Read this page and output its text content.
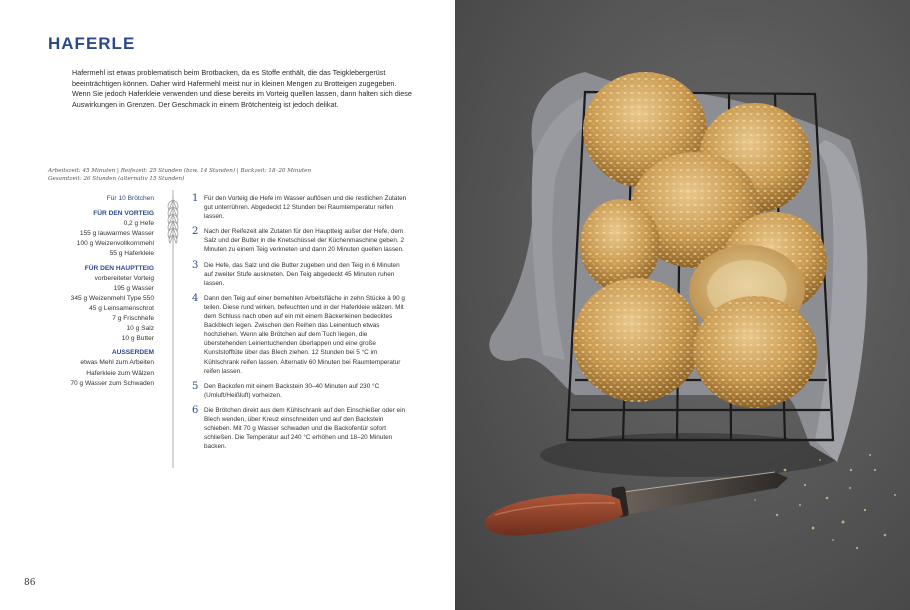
HAFERLE

Hafermehl ist etwas problematisch beim Brotbacken, da es Stoffe enthält, die das Teigklebergerüst beeinträchtigen können. Daher wird Hafermehl meist nur in kleinen Mengen zu Brotteigen zugegeben. Wenn Sie jedoch Haferkleie verwenden und diese bereits im Vorteig quellen lassen, dann halten sich diese Auswirkungen in Grenzen. Der Geschmack in einem Brötchenteig ist jedoch delikat.

Arbeitszeit: 45 Minuten | Reifezeit: 25 Stunden (bzw. 14 Stunden) | Backzeit: 18–20 Minuten
Gesamtzeit: 26 Stunden (alternativ 15 Stunden)
Für 10 Brötchen
FÜR DEN VORTEIG
0,2 g Hefe
155 g lauwarmes Wasser
100 g Weizenvollkornmehl
55 g Haferkleie
FÜR DEN HAUPTTEIG
vorbereiteter Vorteig
195 g Wasser
345 g Weizenmehl Type 550
45 g Leinsamenschrot
7 g Frischhefe
10 g Salz
10 g Butter
AUSSERDEM
etwas Mehl zum Arbeiten
Haferkleie zum Wälzen
70 g Wasser zum Schwaden
1 Für den Vorteig die Hefe im Wasser auflösen und die restlichen Zutaten gut unterrühren. Abgedeckt 12 Stunden bei Raumtemperatur reifen lassen.
2 Nach der Reifezeit alle Zutaten für den Hauptteig außer der Hefe, dem Salz und der Butter in die Knetschüssel der Küchenmaschine geben. 2 Minuten zu einem Teig verkneten und dann 20 Minuten quellen lassen.
3 Die Hefe, das Salz und die Butter zugeben und den Teig in 6 Minuten auf zweiter Stufe auskneten. Den Teig abgedeckt 45 Minuten ruhen lassen.
4 Dann den Teig auf einer bemehlten Arbeitsfläche in zehn Stücke à 90 g teilen. Diese rund wirken, befeuchten und in der Haferkleie wälzen. Mit dem Schluss nach oben auf ein mit einem Bäckerleinen bedecktes Backblech legen. Zwischen den Reihen das Leinentuch etwas hochziehen. Wenn alle Brötchen auf dem Tuch liegen, die überstehenden Leinentuchenden überlappen und eine große Kunststofftüte über das Blech ziehen. 12 Stunden bei 5 °C im Kühlschrank reifen lassen. Alternativ 60 Minuten bei Raumtemperatur reifen lassen.
5 Den Backofen mit einem Backstein 30–40 Minuten auf 230 °C (Umluft/Heißluft) vorheizen.
6 Die Brötchen direkt aus dem Kühlschrank auf den Einschießer oder ein Blech wenden, über Kreuz einschneiden und auf den Backstein schieben. Mit 70 g Wasser schwaden und die Backofentür sofort schließen. Die Temperatur auf 240 °C erhöhen und 18–20 Minuten backen.
86
